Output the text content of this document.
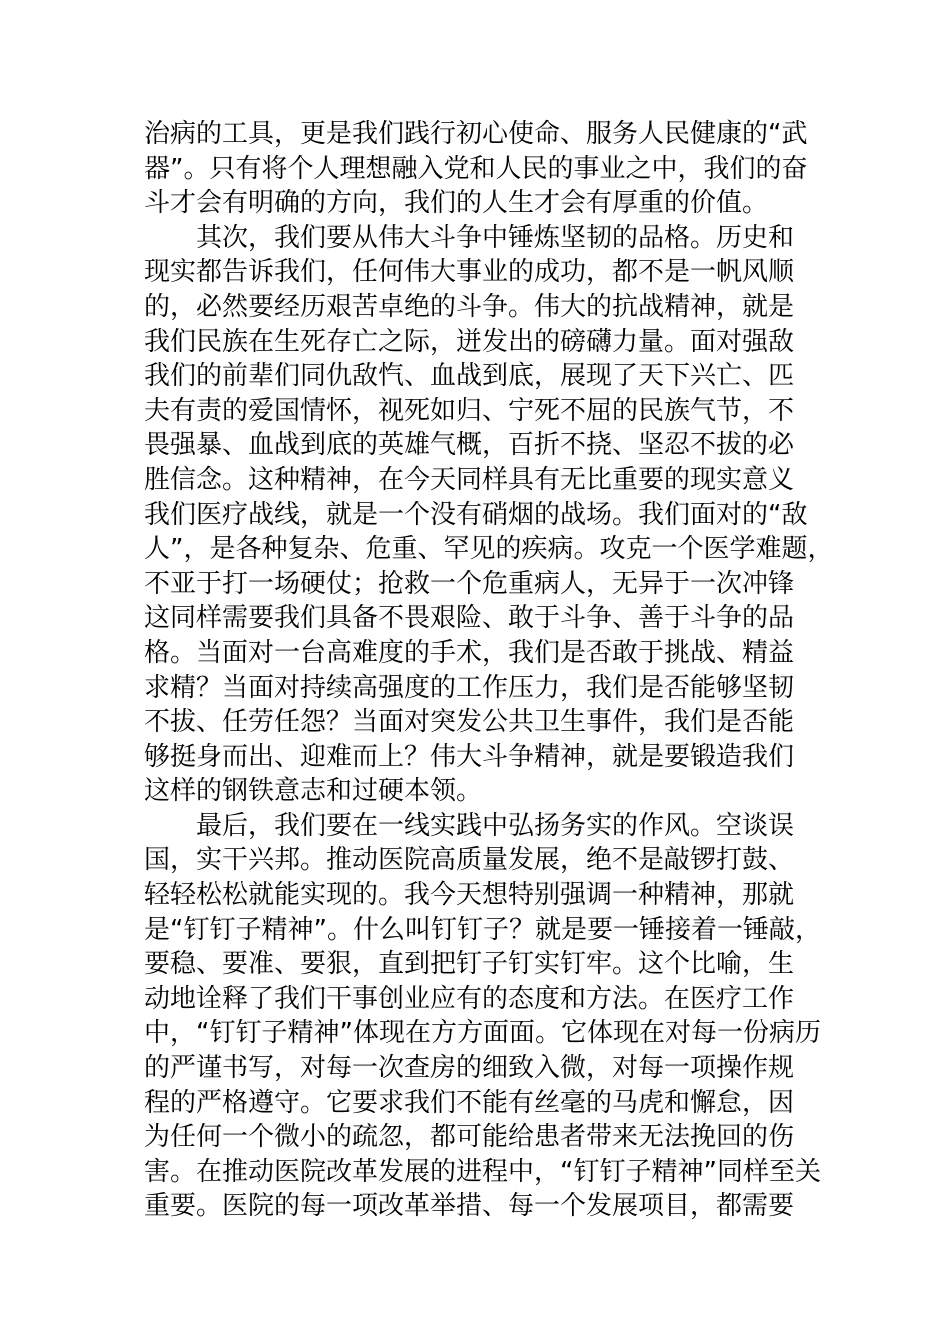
治病的工具，更是我们践行初心使命、服务人民健康的“武
器”。只有将个人理想融入党和人民的事业之中，我们的奋
斗才会有明确的方向，我们的人生才会有厚重的价值。
其次，我们要从伟大斗争中锤炼坚韧的品格。历史和
现实都告诉我们，任何伟大事业的成功，都不是一帆风顺
的，必然要经历艰苦卓绝的斗争。伟大的抗战精神，就是
我们民族在生死存亡之际，迸发出的磅礴力量。面对强敌
我们的前辈们同仇敌忾、血战到底，展现了天下兴亡、匹
夫有责的爱国情怀，视死如归、宁死不屈的民族气节，不
畏强暴、血战到底的英雄气概，百折不挠、坚忍不拔的必
胜信念。这种精神，在今天同样具有无比重要的现实意义
我们医疗战线，就是一个没有硝烟的战场。我们面对的“敌
人”，是各种复杂、危重、罕见的疾病。攻克一个医学难题，
不亚于打一场硬仗；抢救一个危重病人，无异于一次冲锋
这同样需要我们具备不畏艰险、敢于斗争、善于斗争的品
格。当面对一台高难度的手术，我们是否敢于挑战、精益
求精？当面对持续高强度的工作压力，我们是否能够坚韧
不拔、任劳任怨？当面对突发公共卫生事件，我们是否能
够挺身而出、迎难而上？伟大斗争精神，就是要锻造我们
这样的钢铁意志和过硬本领。
最后，我们要在一线实践中弘扬务实的作风。空谈误
国，实干兴邦。推动医院高质量发展，绝不是敲锣打鼓、
轻轻松松就能实现的。我今天想特别强调一种精神，那就
是“钉钉子精神”。什么叫钉钉子？就是要一锤接着一锤敲，
要稳、要准、要狠，直到把钉子钉实钉牢。这个比喻，生
动地诠释了我们干事创业应有的态度和方法。在医疗工作
中，“钉钉子精神”体现在方方面面。它体现在对每一份病历
的严谨书写，对每一次查房的细致入微，对每一项操作规
程的严格遵守。它要求我们不能有丝毫的马虎和懈怠，因
为任何一个微小的疏忽，都可能给患者带来无法挽回的伤
害。在推动医院改革发展的进程中，“钉钉子精神”同样至关
重要。医院的每一项改革举措、每一个发展项目，都需要
